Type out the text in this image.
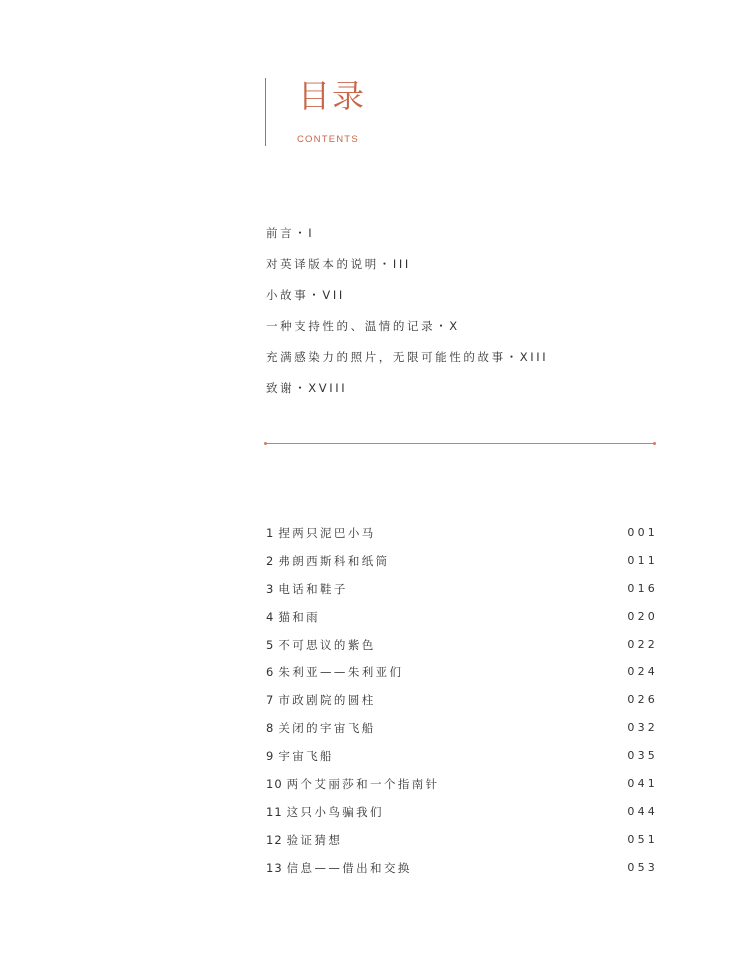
目录
CONTENTS
前言・I
对英译版本的说明・III
小故事・VII
一种支持性的、温情的记录・X
充满感染力的照片，无限可能性的故事・XIII
致谢・XVIII
1 捏两只泥巴小马	001
2 弗朗西斯科和纸筒	011
3 电话和鞋子	016
4 猫和雨	020
5 不可思议的紫色	022
6 朱利亚——朱利亚们	024
7 市政剧院的圆柱	026
8 关闭的宇宙飞船	032
9 宇宙飞船	035
10 两个艾丽莎和一个指南针	041
11 这只小鸟骗我们	044
12 验证猜想	051
13 信息——借出和交换	053
